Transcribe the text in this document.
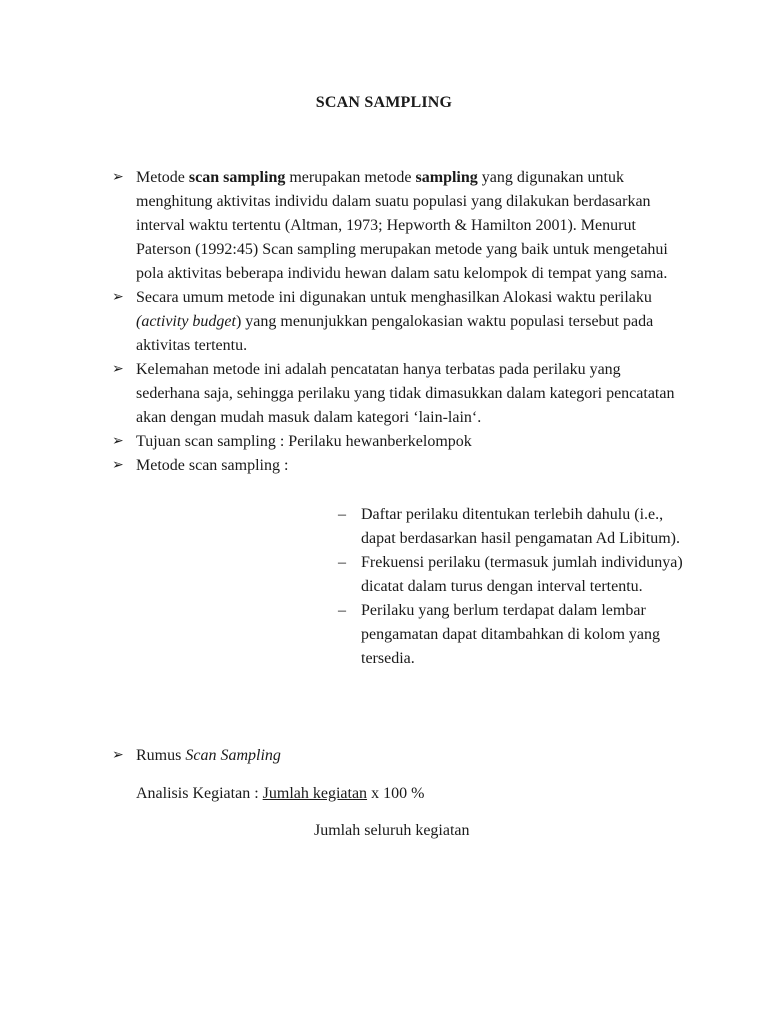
SCAN SAMPLING
➢ Metode scan sampling merupakan metode sampling yang digunakan untuk menghitung aktivitas individu dalam suatu populasi yang dilakukan berdasarkan interval waktu tertentu (Altman, 1973; Hepworth & Hamilton 2001). Menurut Paterson (1992:45) Scan sampling merupakan metode yang baik untuk mengetahui pola aktivitas beberapa individu hewan dalam satu kelompok di tempat yang sama.
➢ Secara umum metode ini digunakan untuk menghasilkan Alokasi waktu perilaku (activity budget) yang menunjukkan pengalokasian waktu populasi tersebut pada aktivitas tertentu.
➢ Kelemahan metode ini adalah pencatatan hanya terbatas pada perilaku yang sederhana saja, sehingga perilaku yang tidak dimasukkan dalam kategori pencatatan akan dengan mudah masuk dalam kategori ‘lain-lain‘.
➢ Tujuan scan sampling : Perilaku hewanberkelompok
➢ Metode scan sampling :
– Daftar perilaku ditentukan terlebih dahulu (i.e., dapat berdasarkan hasil pengamatan Ad Libitum).
– Frekuensi perilaku (termasuk jumlah individunya) dicatat dalam turus dengan interval tertentu.
– Perilaku yang berlum terdapat dalam lembar pengamatan dapat ditambahkan di kolom yang tersedia.
➢ Rumus Scan Sampling
Analisis Kegiatan : Jumlah kegiatan x 100 %
Jumlah seluruh kegiatan
